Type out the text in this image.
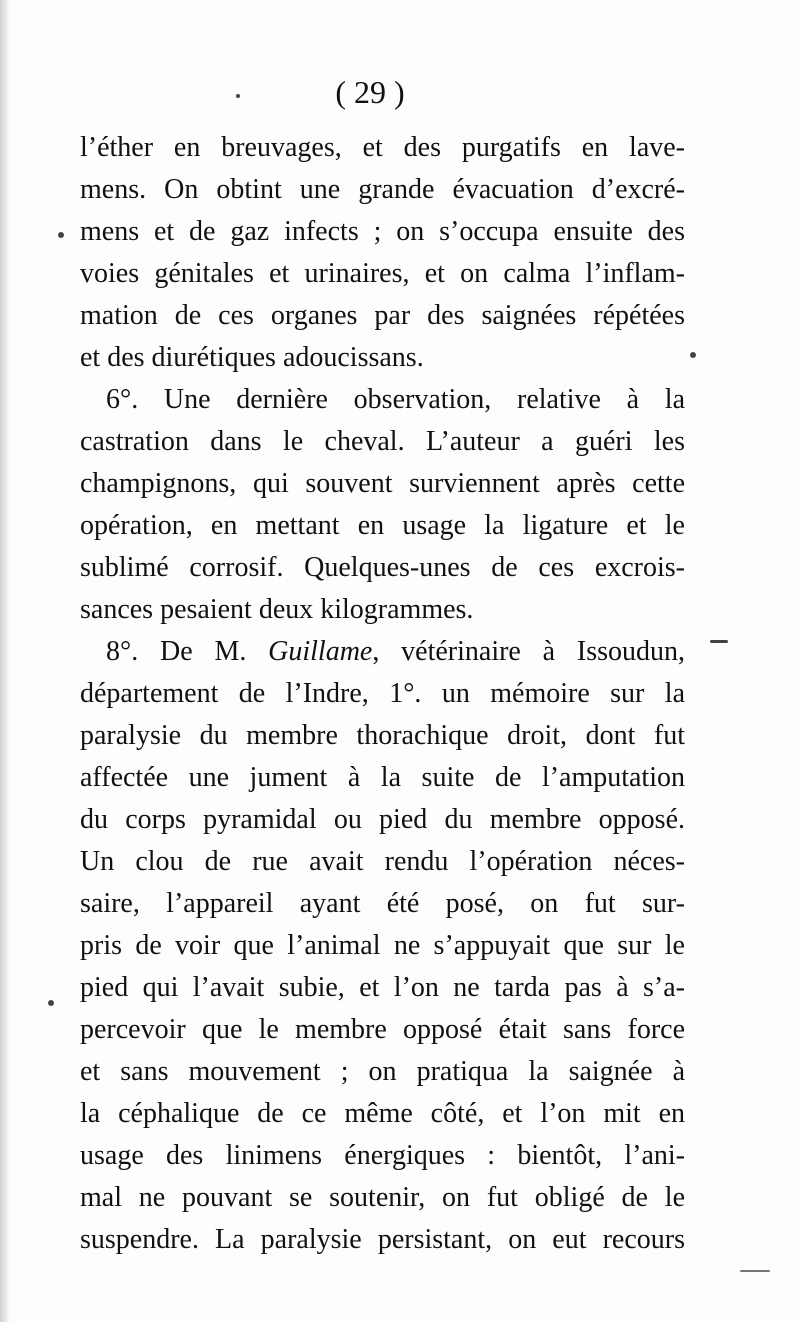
( 29 )
l’éther en breuvages, et des purgatifs en lave-
mens. On obtint une grande évacuation d’excré-
mens et de gaz infects ; on s’occupa ensuite des
voies génitales et urinaires, et on calma l’inflam-
mation de ces organes par des saignées répétées
et des diurétiques adoucissans.
6°. Une dernière observation, relative à la
castration dans le cheval. L’auteur a guéri les
champignons, qui souvent surviennent après cette
opération, en mettant en usage la ligature et le
sublimé corrosif. Quelques-unes de ces excrois-
sances pesaient deux kilogrammes.
8°. De M. Guillame, vétérinaire à Issoudun,
département de l’Indre, 1°. un mémoire sur la
paralysie du membre thorachique droit, dont fut
affectée une jument à la suite de l’amputation
du corps pyramidal ou pied du membre opposé.
Un clou de rue avait rendu l’opération néces-
saire, l’appareil ayant été posé, on fut sur-
pris de voir que l’animal ne s’appuyait que sur le
pied qui l’avait subie, et l’on ne tarda pas à s’a-
percevoir que le membre opposé était sans force
et sans mouvement ; on pratiqua la saignée à
la céphalique de ce même côté, et l’on mit en
usage des linimens énergiques : bientôt, l’ani-
mal ne pouvant se soutenir, on fut obligé de le
suspendre. La paralysie persistant, on eut recours
